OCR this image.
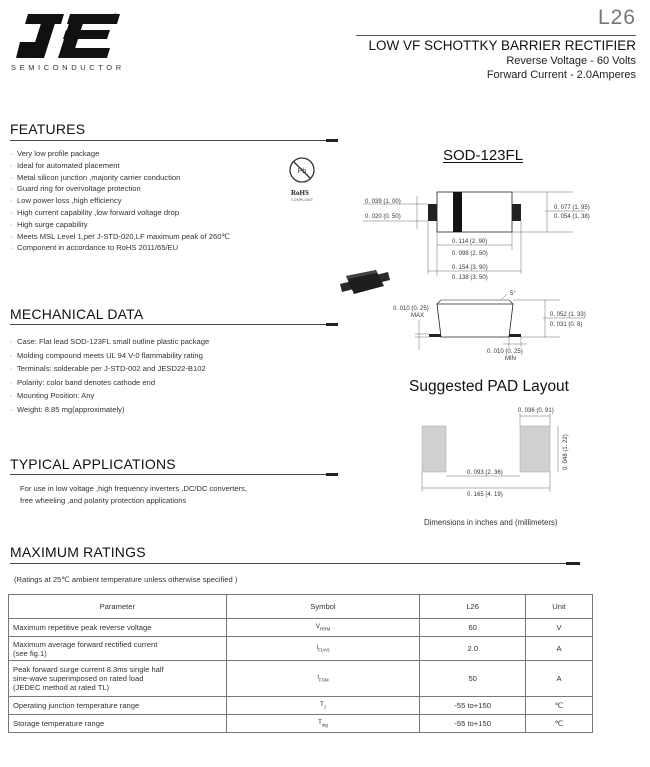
®
SEMICONDUCTOR
L26
LOW VF SCHOTTKY BARRIER RECTIFIER
Reverse Voltage - 60 Volts
Forward Current - 2.0Amperes
FEATURES
· Very low profile package
· Ideal for automated placement
· Metal silicon junction ,majority carrier conduction
· Guard ring for overvoltage protection
· Low power loss ,high efficiency
· High current capability ,low forward voltage drop
· High surge capability
· Meets MSL Level 1,per J-STD-020,LF maximum peak of 260℃
· Component in accordance to RoHS 2011/65/EU
Pb
RoHS
COMPLIANT
SOD-123FL
0. 039 (1. 00)
0. 020 (0. 50)
0. 077 (1. 95)
0. 054 (1. 38)
0. 114 (2. 90)
0. 098 (2. 50)
0. 154 (3. 90)
0. 138 (3. 50)
5°
0. 010 (0. 25)
MAX	0. 052 (1. 33)
0. 031 (0. 8)
0. 010 (0. 25)
MIN
0. 036 (0. 91)
0. 048 (1. 22)
0. 093 (2. 36)
0. 165 (4. 19)
Suggested PAD Layout
Dimensions in inches and (millimeters)
MECHANICAL DATA
· Case: Flat lead SOD-123FL small outline plastic package
· Molding compound meets UL 94 V-0 flammability rating
· Terminals: solderable per J-STD-002 and JESD22-B102
· Polarity: color band denotes cathode end
· Mounting Position: Any
· Weight: 8.85 mg(approximately)
TYPICAL APPLICATIONS
For use in low voltage ,high frequency inverters ,DC/DC converters,
free wheeling ,and polarity protection applications
MAXIMUM RATINGS
(Ratings at 25℃ ambient temperature unless otherwise specified )
Parameter	Symbol	L26	Unit
Maximum repetitive peak reverse voltage	$V_{RRM}$	60	V
Maximum average forward rectified current
(see fig.1)	$I_{F(AV)}$	2.0	A
Peak forward surge current 8.3ms single half
sine-wave superimposed on rated load
(JEDEC method at rated TL)	$I_{FSM}$	50	A
Operating junction temperature range	$T_J$	-55 to+150	℃
Storage temperature range	$T_{stg}$	-55 to+150	℃
